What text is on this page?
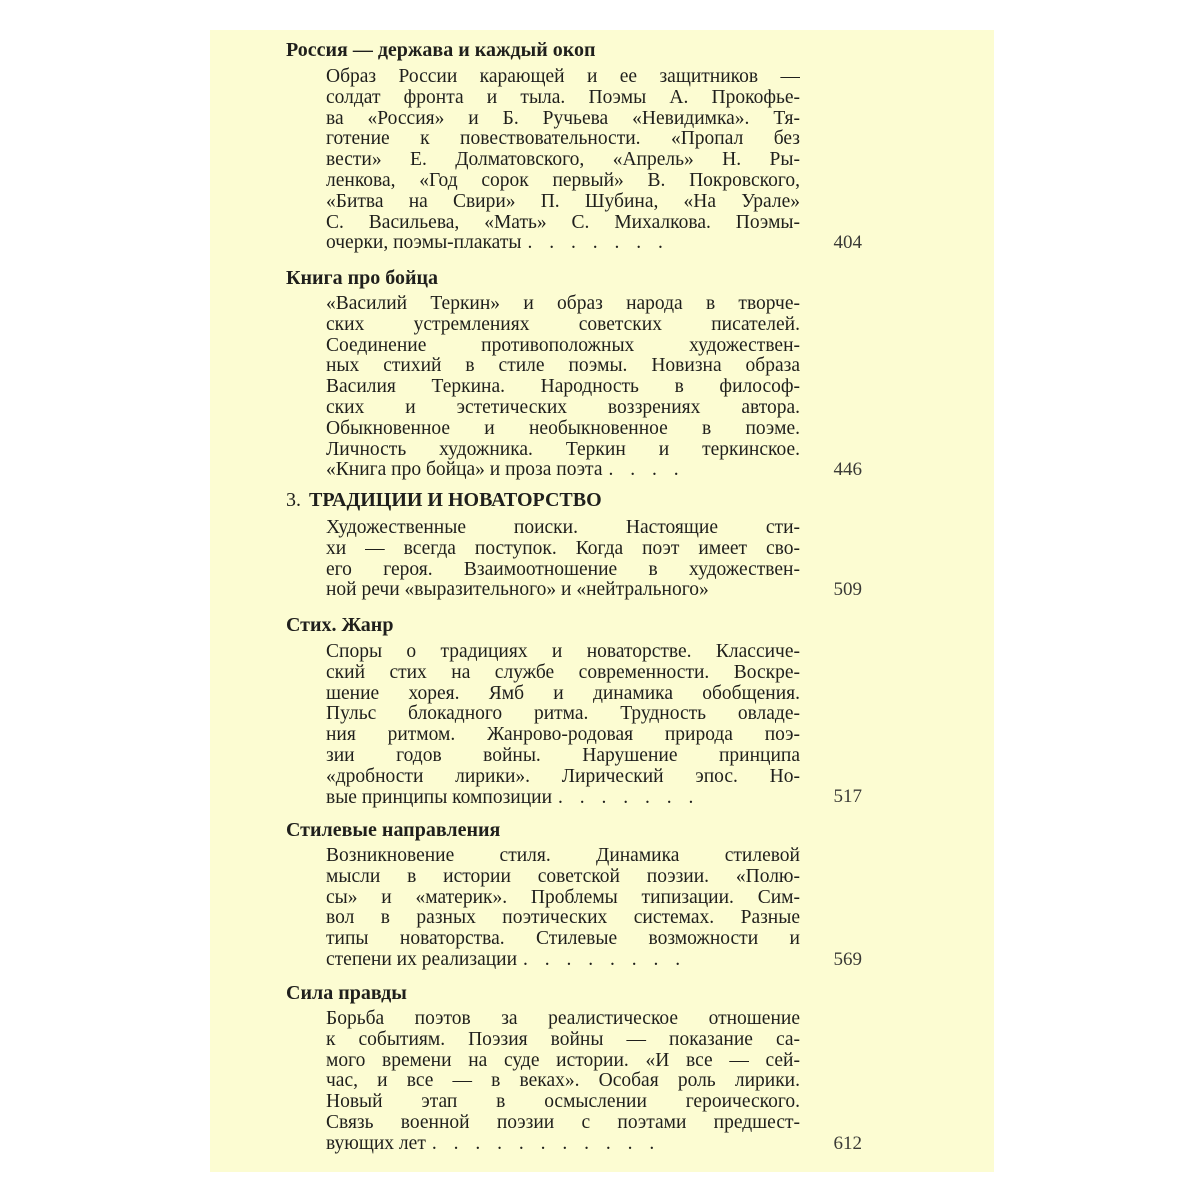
Россия — держава и каждый окоп
Образ России карающей и ее защитников —
солдат фронта и тыла. Поэмы А. Прокофье-
ва «Россия» и Б. Ручьева «Невидимка». Тя-
готение к повествовательности. «Пропал без
вести» Е. Долматовского, «Апрель» Н. Ры-
ленкова, «Год сорок первый» В. Покровского,
«Битва на Свири» П. Шубина, «На Урале»
С. Васильева, «Мать» С. Михалкова. Поэмы-
очерки, поэмы-плакаты . . . . . . .	404
Книга про бойца
«Василий Теркин» и образ народа в творче-
ских устремлениях советских писателей.
Соединение противоположных художествен-
ных стихий в стиле поэмы. Новизна образа
Василия Теркина. Народность в философ-
ских и эстетических воззрениях автора.
Обыкновенное и необыкновенное в поэме.
Личность художника. Теркин и теркинское.
«Книга про бойца» и проза поэта . . . .	446
3. ТРАДИЦИИ И НОВАТОРСТВО
Художественные поиски. Настоящие сти-
хи — всегда поступок. Когда поэт имеет сво-
его героя. Взаимоотношение в художествен-
ной речи «выразительного» и «нейтрального»	509
Стих. Жанр
Споры о традициях и новаторстве. Классиче-
ский стих на службе современности. Воскре-
шение хорея. Ямб и динамика обобщения.
Пульс блокадного ритма. Трудность овладе-
ния ритмом. Жанрово-родовая природа поэ-
зии годов войны. Нарушение принципа
«дробности лирики». Лирический эпос. Но-
вые принципы композиции . . . . . . .	517
Стилевые направления
Возникновение стиля. Динамика стилевой
мысли в истории советской поэзии. «Полю-
сы» и «материк». Проблемы типизации. Сим-
вол в разных поэтических системах. Разные
типы новаторства. Стилевые возможности и
степени их реализации . . . . . . . .	569
Сила правды
Борьба поэтов за реалистическое отношение
к событиям. Поэзия войны — показание са-
мого времени на суде истории. «И все — сей-
час, и все — в веках». Особая роль лирики.
Новый этап в осмыслении героического.
Связь военной поэзии с поэтами предшест-
вующих лет . . . . . . . . . . .	612
